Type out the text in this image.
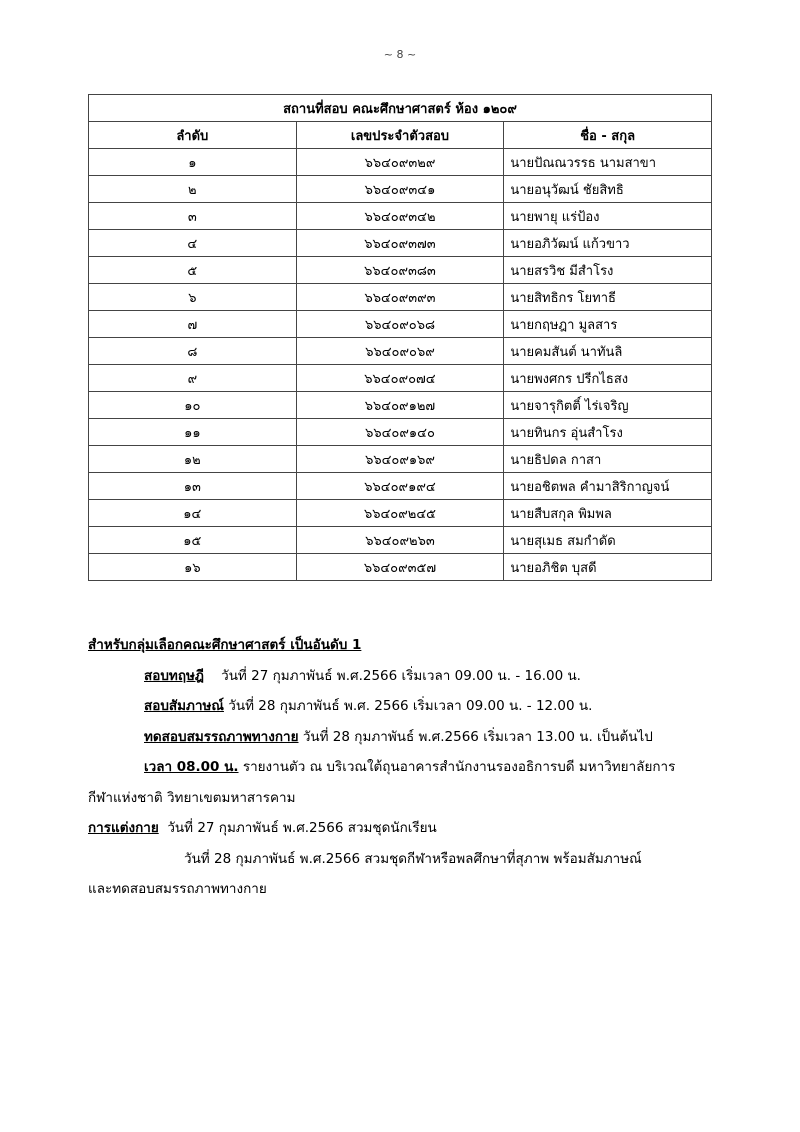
~ 8 ~
สถานที่สอบ คณะศึกษาศาสตร์ ห้อง ๑๒๐๙		
ลำดับ	เลขประจำตัวสอบ	ชื่อ - สกุล
๑	๖๖๔๐๙๓๒๙	นายปัณณวรรธ นามสาขา
๒	๖๖๔๐๙๓๔๑	นายอนุวัฒน์ ชัยสิทธิ
๓	๖๖๔๐๙๓๔๒	นายพายุ แร่ป้อง
๔	๖๖๔๐๙๓๗๓	นายอภิวัฒน์ แก้วขาว
๕	๖๖๔๐๙๓๘๓	นายสรวิช มีสำโรง
๖	๖๖๔๐๙๓๙๓	นายสิทธิกร โยทาธี
๗	๖๖๔๐๙๐๖๘	นายกฤษฎา มูลสาร
๘	๖๖๔๐๙๐๖๙	นายคมสันต์ นาทันลิ
๙	๖๖๔๐๙๐๗๔	นายพงศกร ปรีกไธสง
๑๐	๖๖๔๐๙๑๒๗	นายจารุกิตติ์ ไร่เจริญ
๑๑	๖๖๔๐๙๑๔๐	นายทินกร อุ่นสำโรง
๑๒	๖๖๔๐๙๑๖๙	นายธิปดล กาสา
๑๓	๖๖๔๐๙๑๙๔	นายอชิตพล คำมาสิริกาญจน์
๑๔	๖๖๔๐๙๒๔๕	นายสืบสกุล พิมพล
๑๕	๖๖๔๐๙๒๖๓	นายสุเมธ สมกำดัด
๑๖	๖๖๔๐๙๓๕๗	นายอภิชิต บุสดี
สำหรับกลุ่มเลือกคณะศึกษาศาสตร์ เป็นอันดับ 1
สอบทฤษฎี วันที่ 27 กุมภาพันธ์ พ.ศ.2566 เริ่มเวลา 09.00 น. - 16.00 น.
สอบสัมภาษณ์ วันที่ 28 กุมภาพันธ์ พ.ศ. 2566 เริ่มเวลา 09.00 น. - 12.00 น.
ทดสอบสมรรถภาพทางกาย วันที่ 28 กุมภาพันธ์ พ.ศ.2566 เริ่มเวลา 13.00 น. เป็นต้นไป
เวลา 08.00 น. รายงานตัว ณ บริเวณใต้ถุนอาคารสำนักงานรองอธิการบดี มหาวิทยาลัยการ
กีฬาแห่งชาติ วิทยาเขตมหาสารคาม
การแต่งกาย วันที่ 27 กุมภาพันธ์ พ.ศ.2566 สวมชุดนักเรียน
วันที่ 28 กุมภาพันธ์ พ.ศ.2566 สวมชุดกีฬาหรือพลศึกษาที่สุภาพ พร้อมสัมภาษณ์
และทดสอบสมรรถภาพทางกาย
